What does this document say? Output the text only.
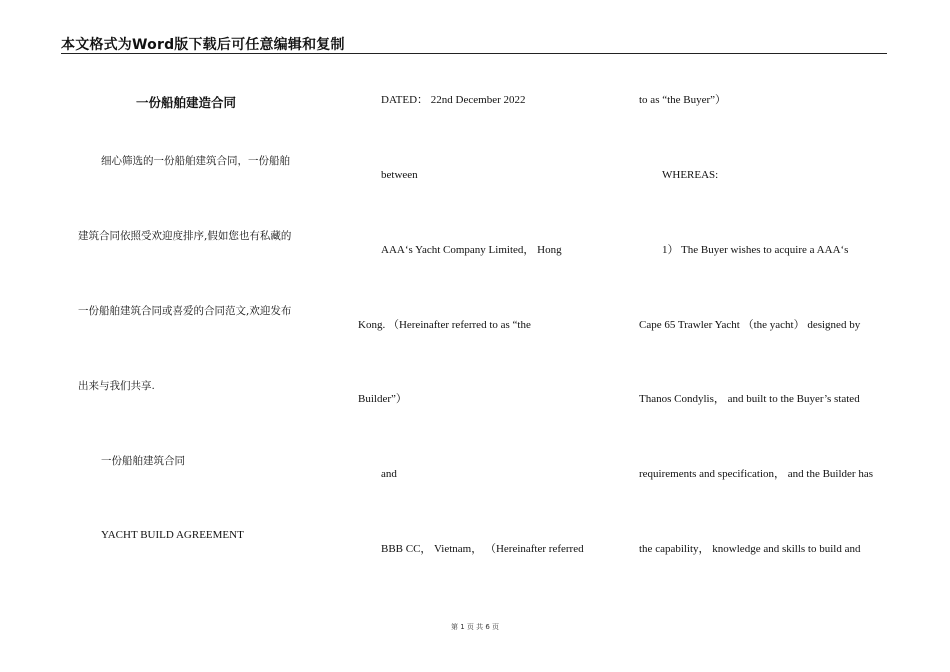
本文格式为Word版下载后可任意编辑和复制
一份船舶建造合同
细心筛选的一份船舶建筑合同，一份船舶
建筑合同依照受欢迎度排序,假如您也有私藏的
一份船舶建筑合同或喜爱的合同范文,欢迎发布
出来与我们共享.
一份船舶建筑合同
YACHT BUILD AGREEMENT
DATED： 22nd December 2022
between
AAA‘s Yacht Company Limited， Hong
Kong. （Hereinafter referred to as “the
Builder”）
and
BBB CC， Vietnam， （Hereinafter referred
to as “the Buyer”）
WHEREAS:
1） The Buyer wishes to acquire a AAA‘s
Cape 65 Trawler Yacht （the yacht） designed by
Thanos Condylis， and built to the Buyer’s stated
requirements and specification， and the Builder has
the capability， knowledge and skills to build and
第 1 页 共 6 页
